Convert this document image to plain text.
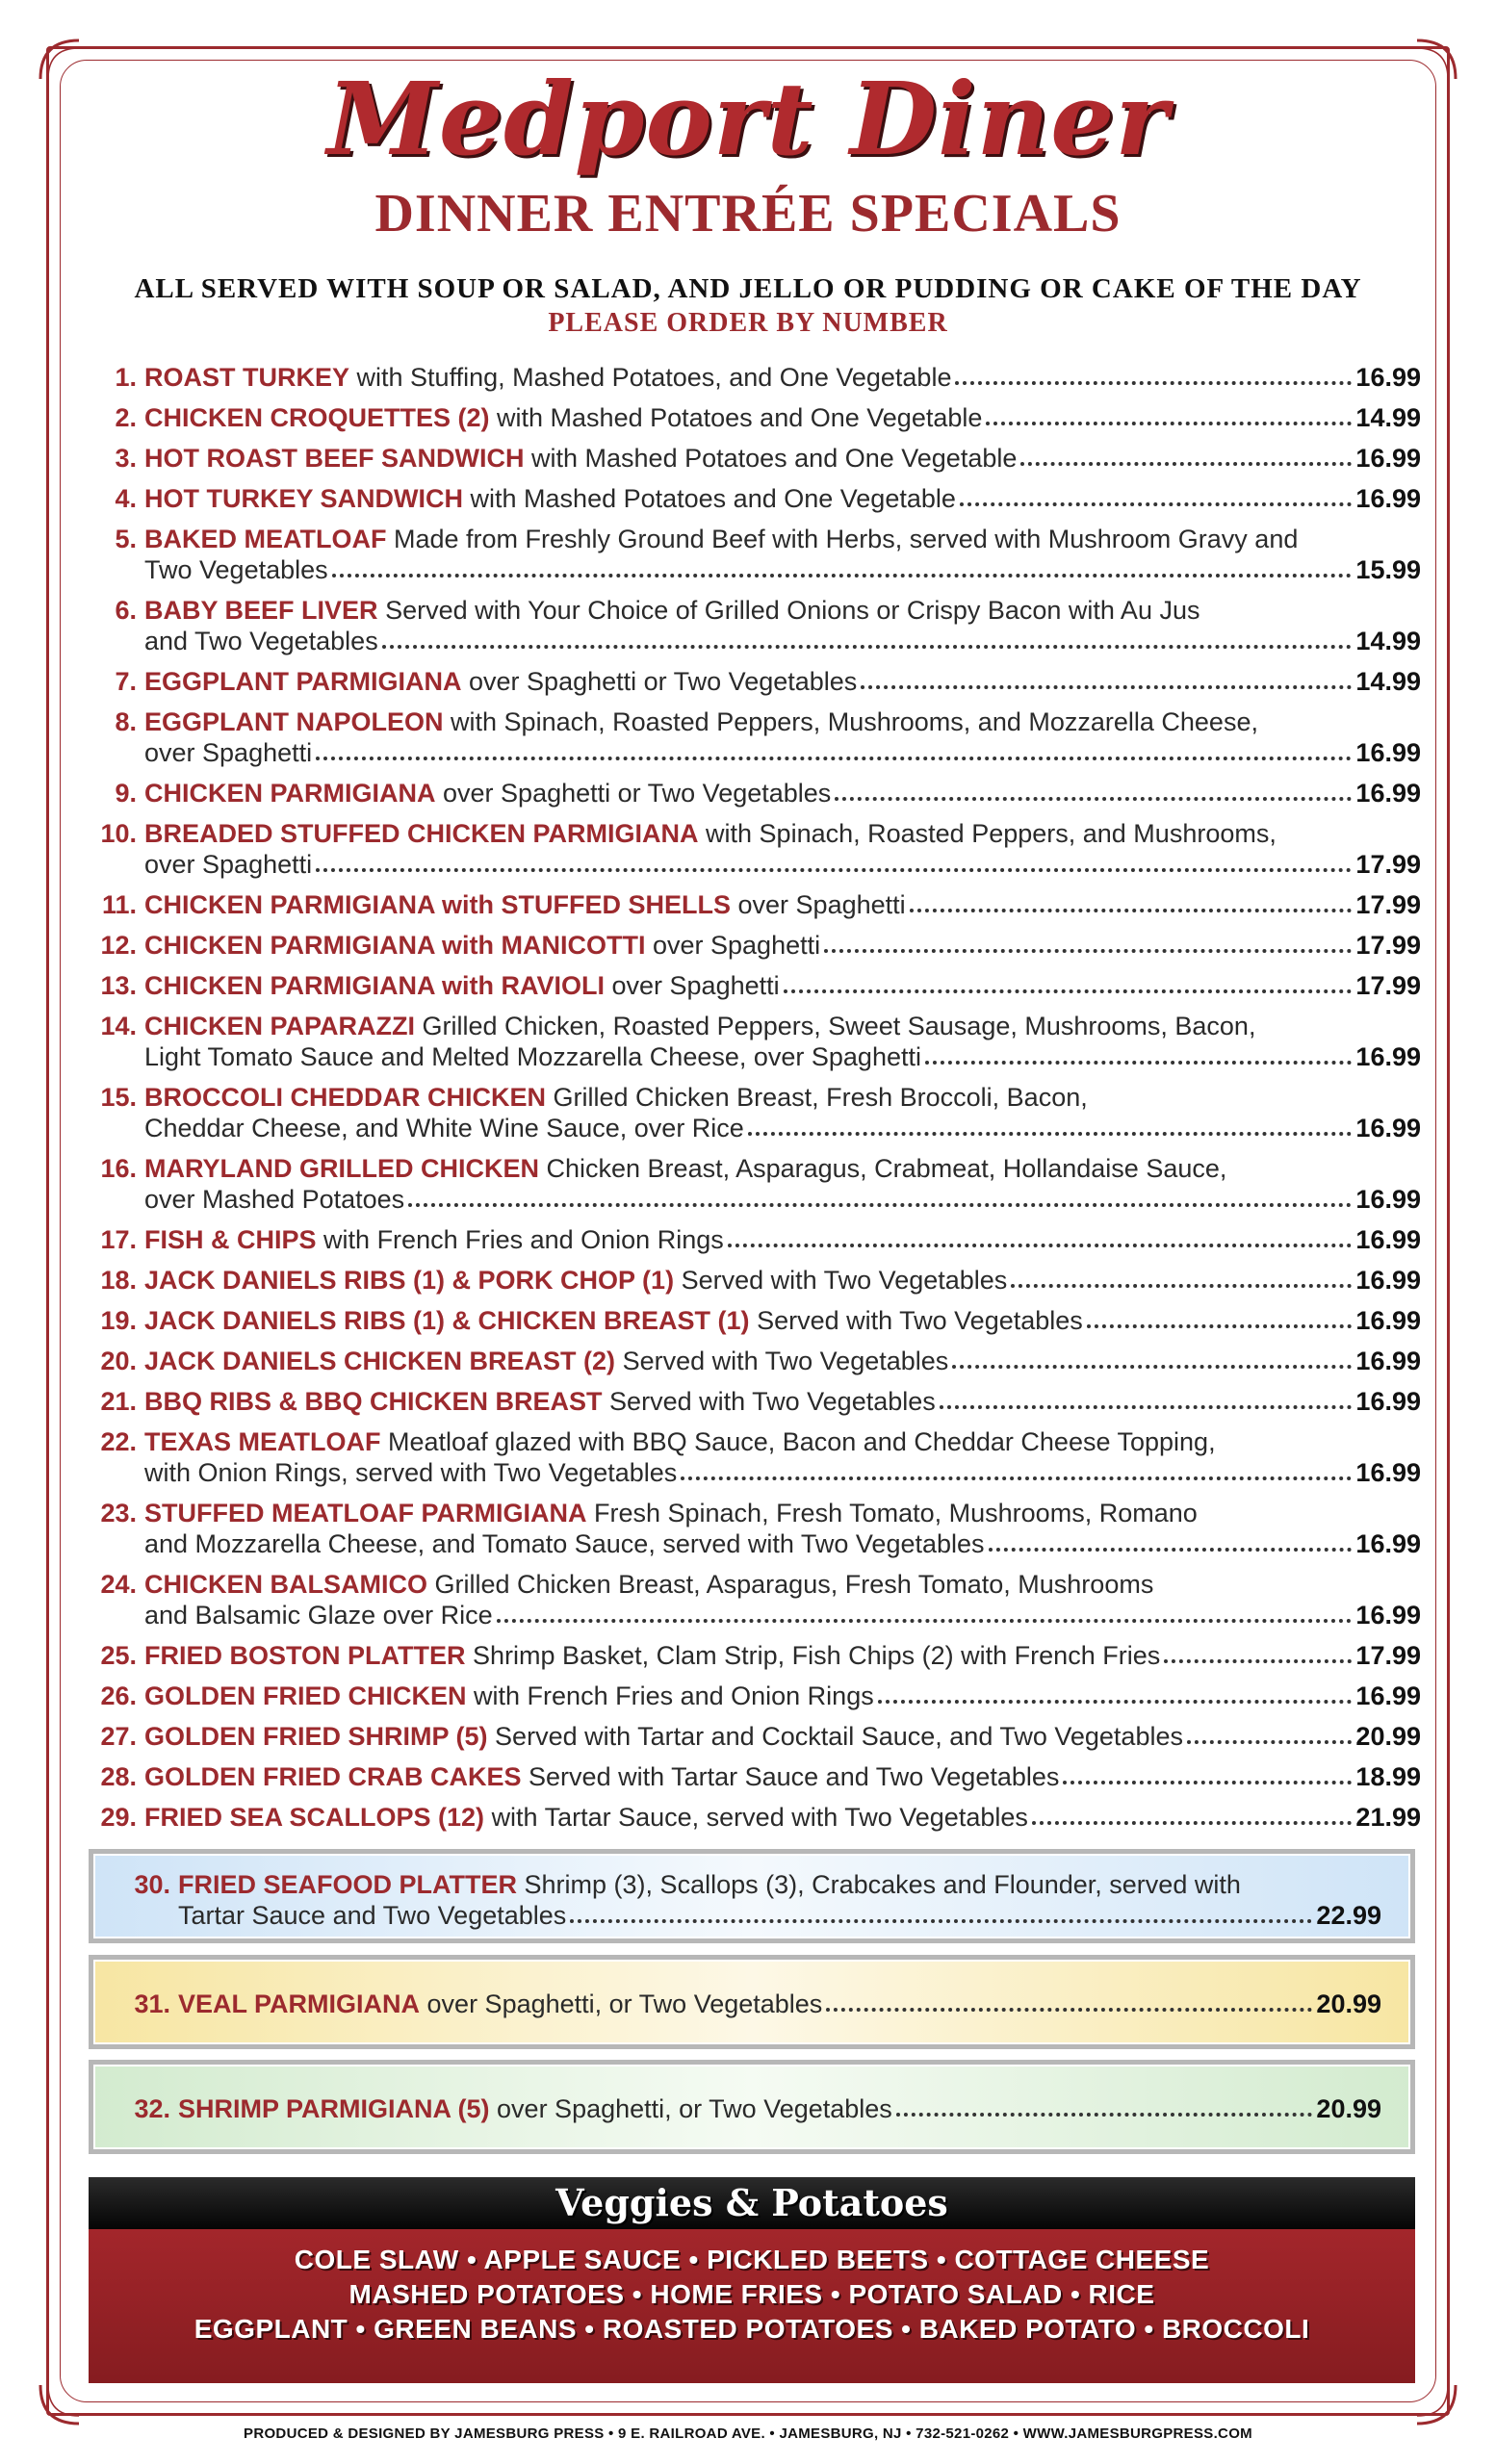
Medport Diner
DINNER ENTRÉE SPECIALS
ALL SERVED WITH SOUP OR SALAD, AND JELLO OR PUDDING OR CAKE OF THE DAY
PLEASE ORDER BY NUMBER
1. ROAST TURKEY
with Stuffing, Mashed Potatoes, and One Vegetable	16.99
2. CHICKEN CROQUETTES (2)
with Mashed Potatoes and One Vegetable	14.99
3. HOT ROAST BEEF SANDWICH
with Mashed Potatoes and One Vegetable	16.99
4. HOT TURKEY SANDWICH
with Mashed Potatoes and One Vegetable	16.99
5. BAKED MEATLOAF Made from Freshly Ground Beef with Herbs, served with Mushroom Gravy and
Two Vegetables	15.99
6. BABY BEEF LIVER Served with Your Choice of Grilled Onions or Crispy Bacon with Au Jus
and Two Vegetables	14.99
7. EGGPLANT PARMIGIANA
over Spaghetti or Two Vegetables	14.99
8. EGGPLANT NAPOLEON with Spinach, Roasted Peppers, Mushrooms, and Mozzarella Cheese,
over Spaghetti	16.99
9. CHICKEN PARMIGIANA
over Spaghetti or Two Vegetables	16.99
10. BREADED STUFFED CHICKEN PARMIGIANA with Spinach, Roasted Peppers, and Mushrooms,
over Spaghetti	17.99
11. CHICKEN PARMIGIANA with STUFFED SHELLS
over Spaghetti	17.99
12. CHICKEN PARMIGIANA with MANICOTTI
over Spaghetti	17.99
13. CHICKEN PARMIGIANA with RAVIOLI
over Spaghetti	17.99
14. CHICKEN PAPARAZZI Grilled Chicken, Roasted Peppers, Sweet Sausage, Mushrooms, Bacon,
Light Tomato Sauce and Melted Mozzarella Cheese, over Spaghetti	16.99
15. BROCCOLI CHEDDAR CHICKEN Grilled Chicken Breast, Fresh Broccoli, Bacon,
Cheddar Cheese, and White Wine Sauce, over Rice	16.99
16. MARYLAND GRILLED CHICKEN Chicken Breast, Asparagus, Crabmeat, Hollandaise Sauce,
over Mashed Potatoes	16.99
17. FISH & CHIPS
with French Fries and Onion Rings	16.99
18. JACK DANIELS RIBS (1) & PORK CHOP (1)
Served with Two Vegetables	16.99
19. JACK DANIELS RIBS (1) & CHICKEN BREAST (1)
Served with Two Vegetables	16.99
20. JACK DANIELS CHICKEN BREAST (2)
Served with Two Vegetables	16.99
21. BBQ RIBS & BBQ CHICKEN BREAST
Served with Two Vegetables	16.99
22. TEXAS MEATLOAF Meatloaf glazed with BBQ Sauce, Bacon and Cheddar Cheese Topping,
with Onion Rings, served with Two Vegetables	16.99
23. STUFFED MEATLOAF PARMIGIANA Fresh Spinach, Fresh Tomato, Mushrooms, Romano
and Mozzarella Cheese, and Tomato Sauce, served with Two Vegetables	16.99
24. CHICKEN BALSAMICO Grilled Chicken Breast, Asparagus, Fresh Tomato, Mushrooms
and Balsamic Glaze over Rice	16.99
25. FRIED BOSTON PLATTER
Shrimp Basket, Clam Strip, Fish Chips (2) with French Fries	17.99
26. GOLDEN FRIED CHICKEN
with French Fries and Onion Rings	16.99
27. GOLDEN FRIED SHRIMP (5)
Served with Tartar and Cocktail Sauce, and Two Vegetables	20.99
28. GOLDEN FRIED CRAB CAKES
Served with Tartar Sauce and Two Vegetables	18.99
29. FRIED SEA SCALLOPS (12)
with Tartar Sauce, served with Two Vegetables	21.99
30. FRIED SEAFOOD PLATTER Shrimp (3), Scallops (3), Crabcakes and Flounder, served with
Tartar Sauce and Two Vegetables	22.99
31. VEAL PARMIGIANA
over Spaghetti, or Two Vegetables	20.99
32. SHRIMP PARMIGIANA (5)
over Spaghetti, or Two Vegetables	20.99
Veggies & Potatoes
COLE SLAW • APPLE SAUCE • PICKLED BEETS • COTTAGE CHEESE
MASHED POTATOES • HOME FRIES • POTATO SALAD • RICE
EGGPLANT • GREEN BEANS • ROASTED POTATOES • BAKED POTATO • BROCCOLI
PRODUCED & DESIGNED BY JAMESBURG PRESS • 9 E. RAILROAD AVE. • JAMESBURG, NJ • 732-521-0262 • WWW.JAMESBURGPRESS.COM
